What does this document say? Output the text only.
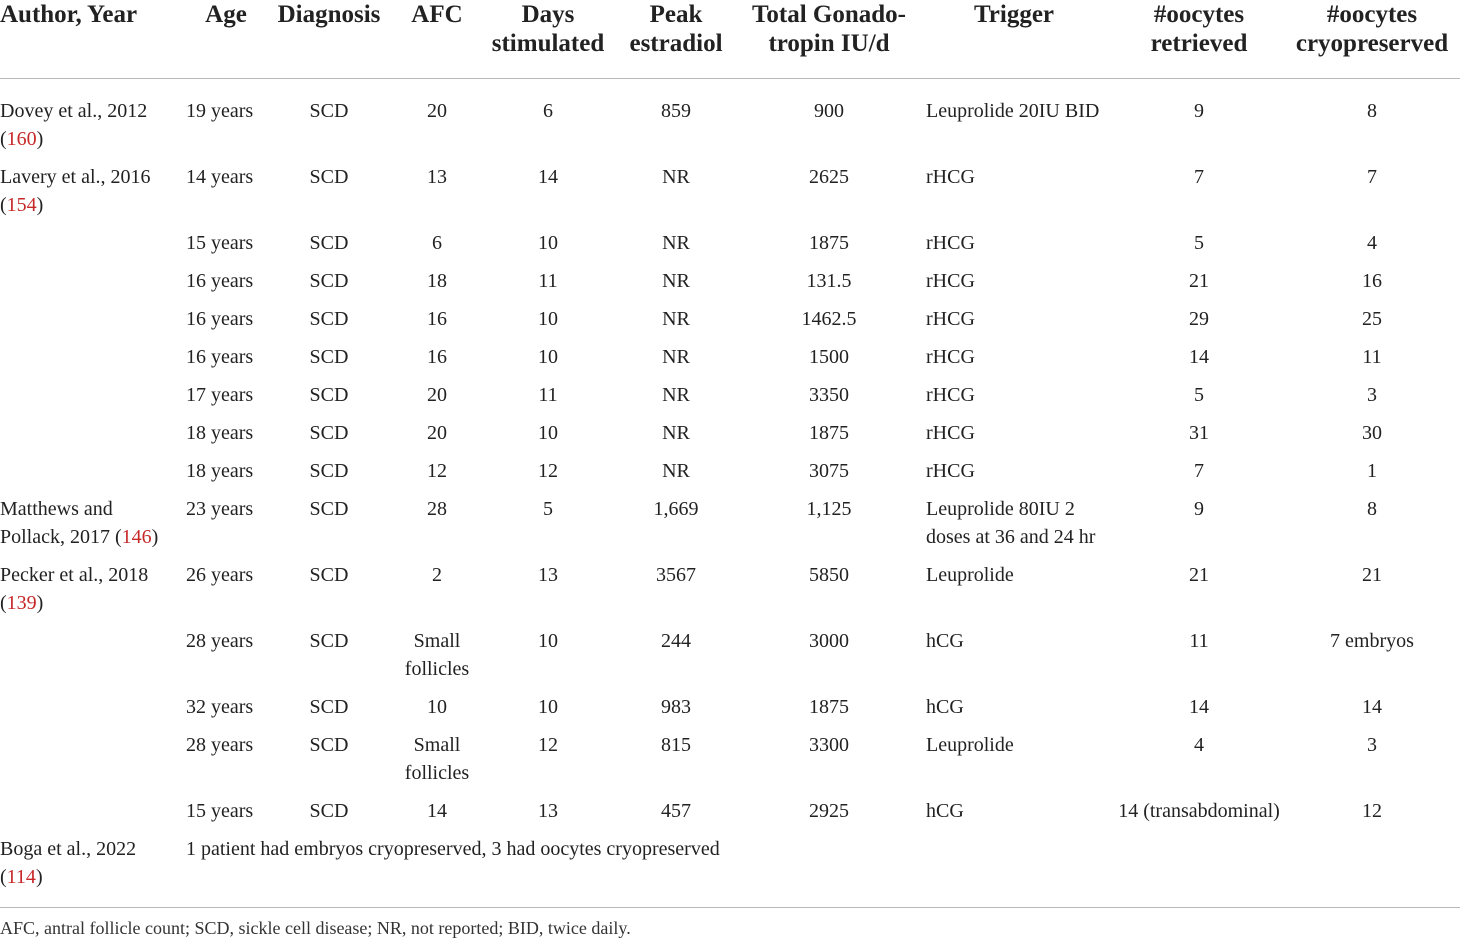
Author, Year	Age	Diagnosis	AFC	Days stimulated	Peak estradiol	Total Gonado-tropin IU/d	Trigger	#oocytes retrieved	#oocytes cryopreserved
Dovey et al., 2012 (160)	19 years	SCD	20	6	859	900	Leuprolide 20IU BID	9	8
Lavery et al., 2016 (154)	14 years	SCD	13	14	NR	2625	rHCG	7	7
	15 years	SCD	6	10	NR	1875	rHCG	5	4
	16 years	SCD	18	11	NR	131.5	rHCG	21	16
	16 years	SCD	16	10	NR	1462.5	rHCG	29	25
	16 years	SCD	16	10	NR	1500	rHCG	14	11
	17 years	SCD	20	11	NR	3350	rHCG	5	3
	18 years	SCD	20	10	NR	1875	rHCG	31	30
	18 years	SCD	12	12	NR	3075	rHCG	7	1
Matthews and Pollack, 2017 (146)	23 years	SCD	28	5	1,669	1,125	Leuprolide 80IU 2 doses at 36 and 24 hr	9	8
Pecker et al., 2018 (139)	26 years	SCD	2	13	3567	5850	Leuprolide	21	21
	28 years	SCD	Small follicles	10	244	3000	hCG	11	7 embryos
	32 years	SCD	10	10	983	1875	hCG	14	14
	28 years	SCD	Small follicles	12	815	3300	Leuprolide	4	3
	15 years	SCD	14	13	457	2925	hCG	14 (transabdominal)	12
Boga et al., 2022 (114)	1 patient had embryos cryopreserved, 3 had oocytes cryopreserved								
AFC, antral follicle count; SCD, sickle cell disease; NR, not reported; BID, twice daily.
